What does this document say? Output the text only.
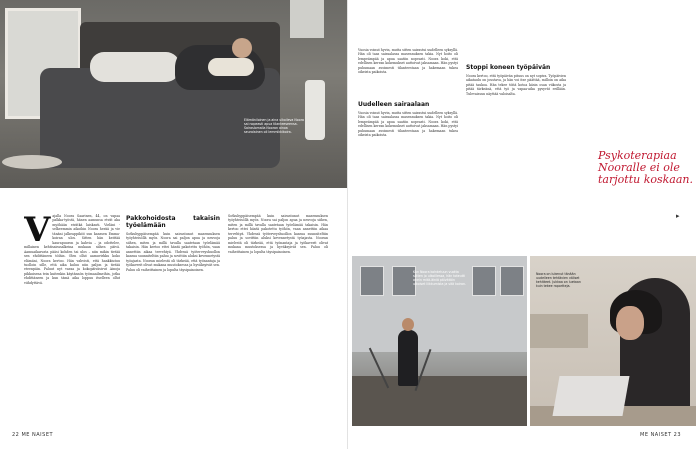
Elämäniloinen ja aina ulkoileva Noora sai nopeasti apua tilanteeseensa. Sairaslomalla Nooran ainoa seuralainen oli lemmikkikoira.
V ajalla Noora Saarinen, 44, on vapaa palkka-työstä, hänen aamunsa etvät aka myöhään eivätkä laiskasti. Vieläni -selkeemmin aikoihin Noora herää ja vie tänäni jalkeappiköö sun kanssen Emma-koiran ulos. Sitten hän keittää kaurapuuron ja kahvia – ja odottelee, millainen kehtisairasalkeina mukaan siihen päivä. Aamuaikarusta pääsi kohden tai ulos – niin mikin tietää sen ehdittäneen töihin. Olen ollut aamuvirkku koko elämäni, Noora kertoo. Hän vahvisti, että hankkiutuu tuolloin sille, että aika kuluu niin paljon ja tietää eteenpäin. Paluut nyt varaa ja kokopäiväsivut Ainoja pikkuisena tein kuitenkin käytännön työmaailmeihin, jotka ehdittäneen ja kun tämä aika loppuu itselleen ollut viihdyttävä.
Pakkohoidosta takaisin työelämään
Sotkuhyppäisempää kuin sairastunut masennuksen työyhteisöllä myös. Noora sai paljon apua ja neuvoja siihen, miten ja millä tavalla saatetaan työelämää takaisin. Hän kertoo ettei häntä pakotettu työhön, vaan annettiin aikaa tervehtyä. Yhdessä työterveyshuollon kanssa suunniteltiin paluu ja sovittiin aluksi kevennetystä työajasta. Nooran mielestä oli tärkeää, että työnantaja ja työkaverit olivat mukana muutoksessa ja hyväksyivät sen. Paluu oli vaiheittainen ja lopulta täysipainoinen.
Sotkuhyppäisempää kuin sairastunut masennuksen työyhteisöllä myös. Noora sai paljon apua ja neuvoja siihen, miten ja millä tavalla saatetaan työelämää takaisin. Hän kertoo ettei häntä pakotettu työhön, vaan annettiin aikaa tervehtyä. Yhdessä työterveyshuollon kanssa suunniteltiin paluu ja sovittiin aluksi kevennetystä työajasta. Nooran mielestä oli tärkeää, että työnantaja ja työkaverit olivat mukana muutoksessa ja hyväksyivät sen. Paluu oli vaiheittainen ja lopulta täysipainoinen.
22 ME NAISET
Vuosia voinut hyvin, mutta sitten sairastui uudelleen syksyllä. Hän oli taas sairaalassa masennuksen takia. Nyt hoito oli lempeämpää ja apua saatiin nopeasti. Noora koki, että edellisen kerran kokemukset auttoivat jaksamaan. Hän pystyi puhumaan avoimesti tilanteestaan ja hakemaan tukea oikeista paikoista.
Uudelleen sairaalaan
Vuosia voinut hyvin, mutta sitten sairastui uudelleen syksyllä. Hän oli taas sairaalassa masennuksen takia. Nyt hoito oli lempeämpää ja apua saatiin nopeasti. Noora koki, että edellisen kerran kokemukset auttoivat jaksamaan. Hän pystyi puhumaan avoimesti tilanteestaan ja hakemaan tukea oikeista paikoista.
Stoppi koneen työpäivän
Noora kertoo, että työpäivän pituus on nyt sopiva. Työpäivien aikataulu on joustava, ja hän voi itse päättää, milloin on aika pitää taukoa. Hän tekee töitä kotoa käsin osan viikosta ja pitää tärkeänä, että työ ja vapaa-aika pysyvät erillään. Tulevaisuus näyttää valoisalta.
Psykoterapiaa Nooralle ei ole tarjottu koskaan.
▸
Kun Noora kohdetuun vuotta siitten jo ulkoillessa, hän toteutti anein mitä-äiniä päivittäin ulkoiset liikkumista ja sitä koiran.
Noora on lukenut tänään uudelleen tehtävien väliset kehitteet. Jukkaa on luetaan kuin tekee raportteja.
ME NAISET 23
